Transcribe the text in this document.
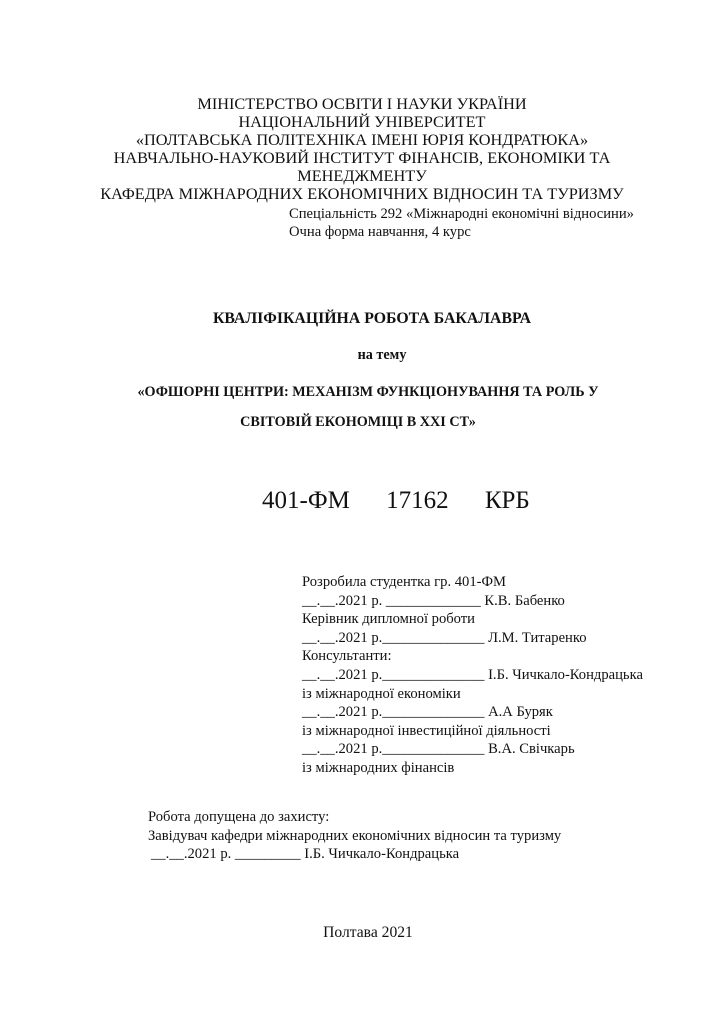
МІНІСТЕРСТВО ОСВІТИ І НАУКИ УКРАЇНИ
НАЦІОНАЛЬНИЙ УНІВЕРСИТЕТ
«ПОЛТАВСЬКА ПОЛІТЕХНІКА ІМЕНІ ЮРІЯ КОНДРАТЮКА»
НАВЧАЛЬНО-НАУКОВИЙ ІНСТИТУТ ФІНАНСІВ, ЕКОНОМІКИ ТА
МЕНЕДЖМЕНТУ
КАФЕДРА МІЖНАРОДНИХ ЕКОНОМІЧНИХ ВІДНОСИН ТА ТУРИЗМУ
Спеціальність 292 «Міжнародні економічні відносини»
Очна форма навчання, 4 курс
КВАЛІФІКАЦІЙНА РОБОТА БАКАЛАВРА
на тему
«ОФШОРНІ ЦЕНТРИ: МЕХАНІЗМ ФУНКЦІОНУВАННЯ ТА РОЛЬ У
СВІТОВІЙ ЕКОНОМІЦІ В XXI СТ»
401-ФМ 17162 КРБ
Розробила студентка гр. 401-ФМ
__.__.2021 р. _____________ К.В. Бабенко
Керівник дипломної роботи
__.__.2021 р.______________ Л.М. Титаренко
Консультанти:
__.__.2021 р.______________ І.Б. Чичкало-Кондрацька
із міжнародної економіки
__.__.2021 р.______________ А.А Буряк
із міжнародної інвестиційної діяльності
__.__.2021 р.______________ В.А. Свічкарь
із міжнародних фінансів
Робота допущена до захисту:
Завідувач кафедри міжнародних економічних відносин та туризму
__.__.2021 р. _________ І.Б. Чичкало-Кондрацька
Полтава 2021
